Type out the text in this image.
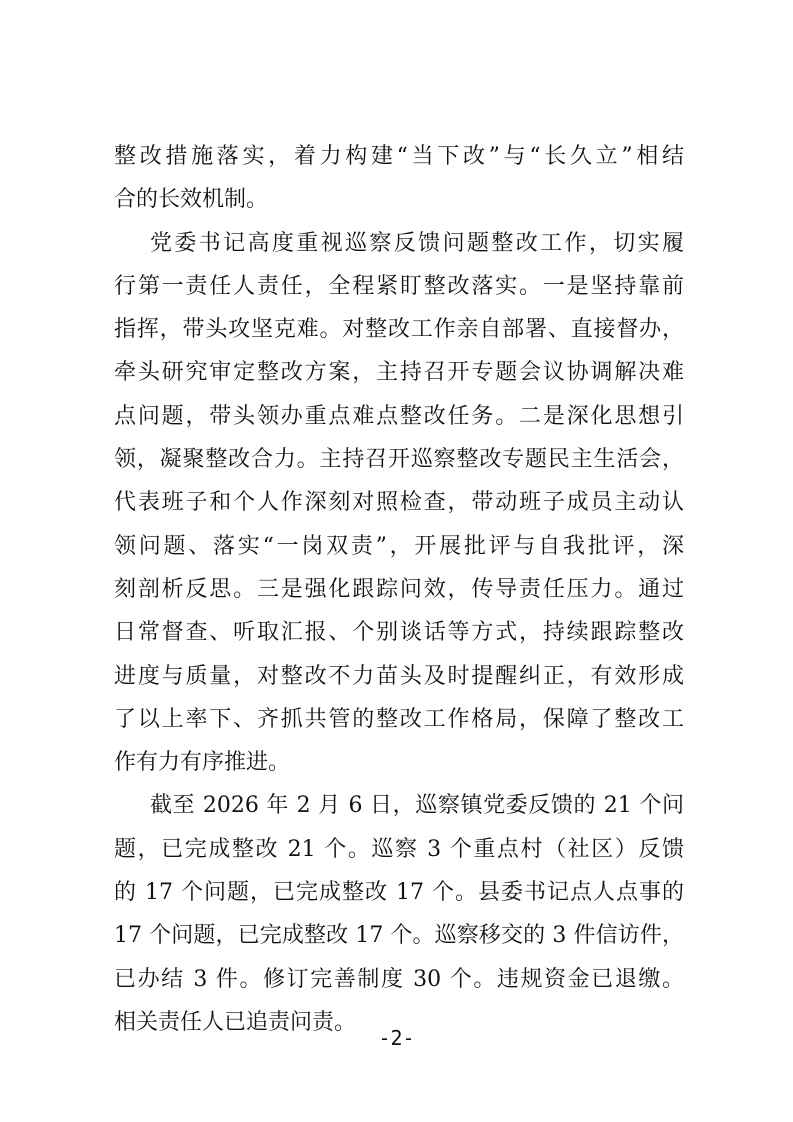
整改措施落实，着力构建“当下改”与“长久立”相结
合的长效机制。
党委书记高度重视巡察反馈问题整改工作，切实履
行第一责任人责任，全程紧盯整改落实。一是坚持靠前
指挥，带头攻坚克难。对整改工作亲自部署、直接督办，
牵头研究审定整改方案，主持召开专题会议协调解决难
点问题，带头领办重点难点整改任务。二是深化思想引
领，凝聚整改合力。主持召开巡察整改专题民主生活会，
代表班子和个人作深刻对照检查，带动班子成员主动认
领问题、落实“一岗双责”，开展批评与自我批评，深
刻剖析反思。三是强化跟踪问效，传导责任压力。通过
日常督查、听取汇报、个别谈话等方式，持续跟踪整改
进度与质量，对整改不力苗头及时提醒纠正，有效形成
了以上率下、齐抓共管的整改工作格局，保障了整改工
作有力有序推进。
截至 2026 年 2 月 6 日，巡察镇党委反馈的 21 个问
题，已完成整改 21 个。巡察 3 个重点村（社区）反馈
的 17 个问题，已完成整改 17 个。县委书记点人点事的
17 个问题，已完成整改 17 个。巡察移交的 3 件信访件，
已办结 3 件。修订完善制度 30 个。违规资金已退缴。
相关责任人已追责问责。
-2-
